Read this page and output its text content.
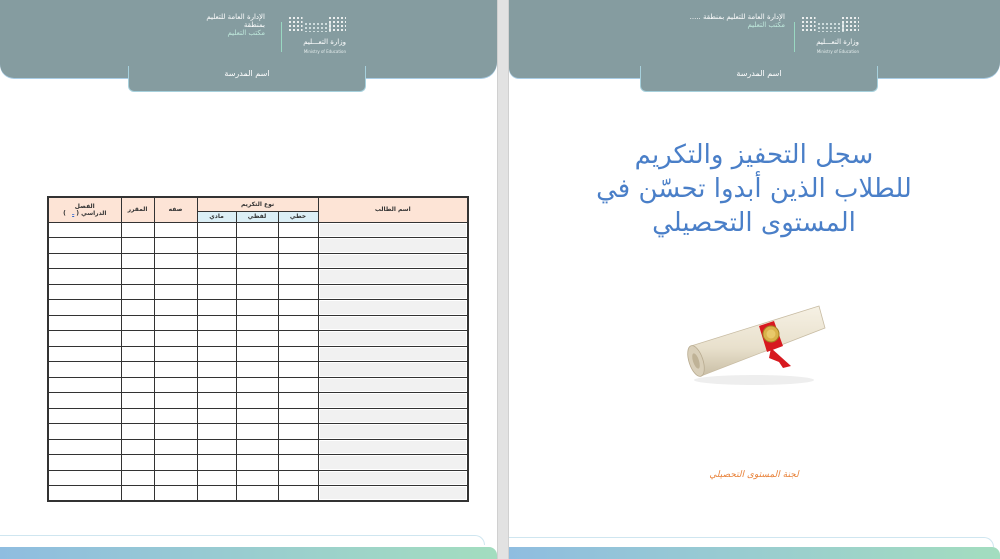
وزارة التعـــليم
Ministry of Education
الإدارة العامة للتعليم
بمنطقة
مكتب التعليم
اسم المدرسة
اسم الطالب	نوع التكريم			صفه	المقرر	الفصل
الدراسي ( ـ   )

	خطي	لفظي	مادي			

وزارة التعـــليم
Ministry of Education
الإدارة العامة للتعليم بمنطقة .....
مكتب التعليم
اسم المدرسة
سجل التحفيز والتكريم
للطلاب الذين أبدوا تحسّن في
المستوى التحصيلي
لجنة المستوى التحصيلي
